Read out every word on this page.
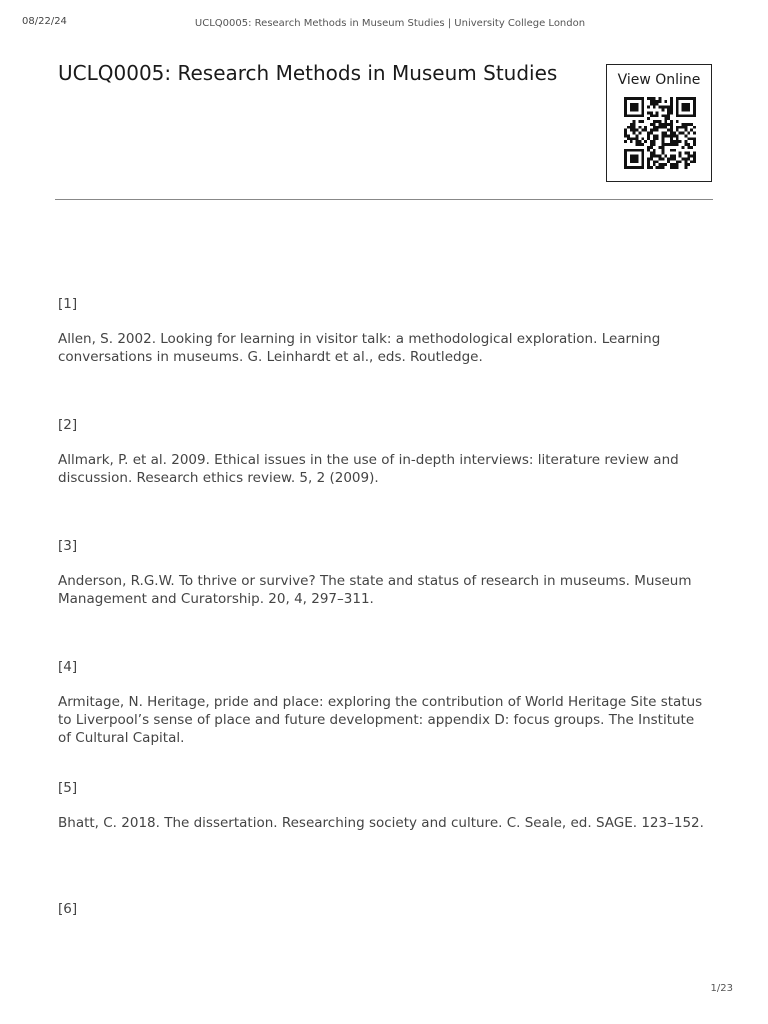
08/22/24	UCLQ0005: Research Methods in Museum Studies | University College London
UCLQ0005: Research Methods in Museum Studies	View Online
[1]
Allen, S. 2002. Looking for learning in visitor talk: a methodological exploration. Learning conversations in museums. G. Leinhardt et al., eds. Routledge.
[2]
Allmark, P. et al. 2009. Ethical issues in the use of in-depth interviews: literature review and discussion. Research ethics review. 5, 2 (2009).
[3]
Anderson, R.G.W. To thrive or survive? The state and status of research in museums. Museum Management and Curatorship. 20, 4, 297–311.
[4]
Armitage, N. Heritage, pride and place: exploring the contribution of World Heritage Site status to Liverpool’s sense of place and future development: appendix D: focus groups. The Institute of Cultural Capital.
[5]
Bhatt, C. 2018. The dissertation. Researching society and culture. C. Seale, ed. SAGE. 123–152.
[6]
1/23
